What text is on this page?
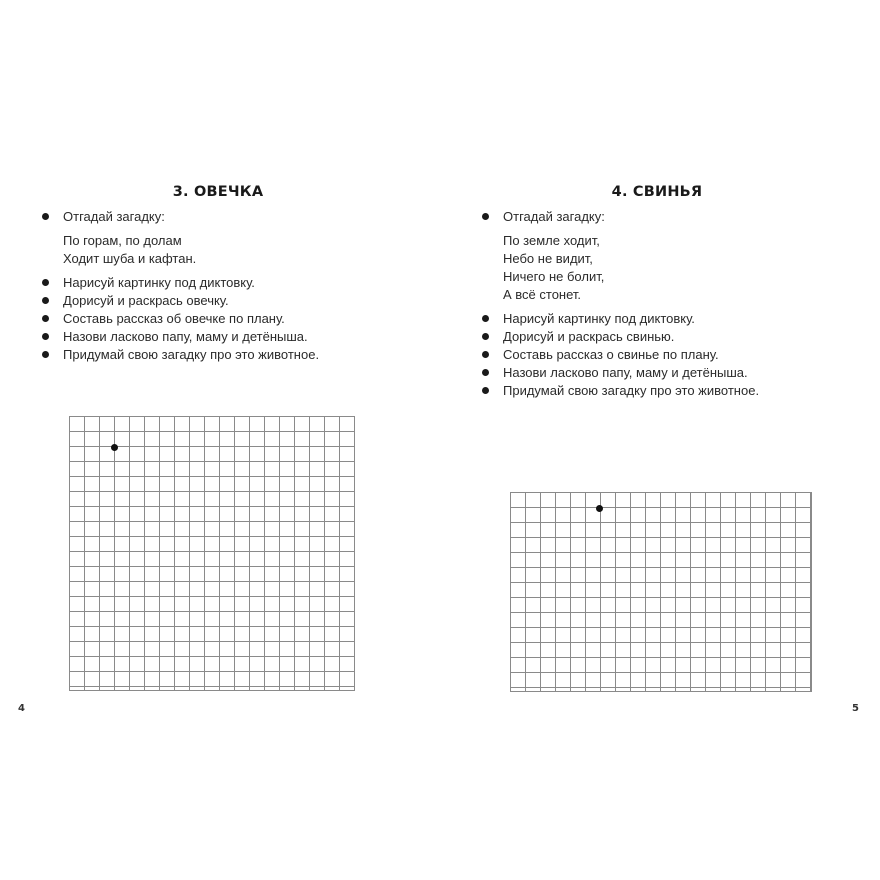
3. ОВЕЧКА
Отгадай загадку:
По горам, по долам
Ходит шуба и кафтан.
Нарисуй картинку под диктовку.
Дорисуй и раскрась овечку.
Составь рассказ об овечке по плану.
Назови ласково папу, маму и детёныша.
Придумай свою загадку про это животное.
4
4. СВИНЬЯ
Отгадай загадку:
По земле ходит,
Небо не видит,
Ничего не болит,
А всё стонет.
Нарисуй картинку под диктовку.
Дорисуй и раскрась свинью.
Составь рассказ о свинье по плану.
Назови ласково папу, маму и детёныша.
Придумай свою загадку про это животное.
5
